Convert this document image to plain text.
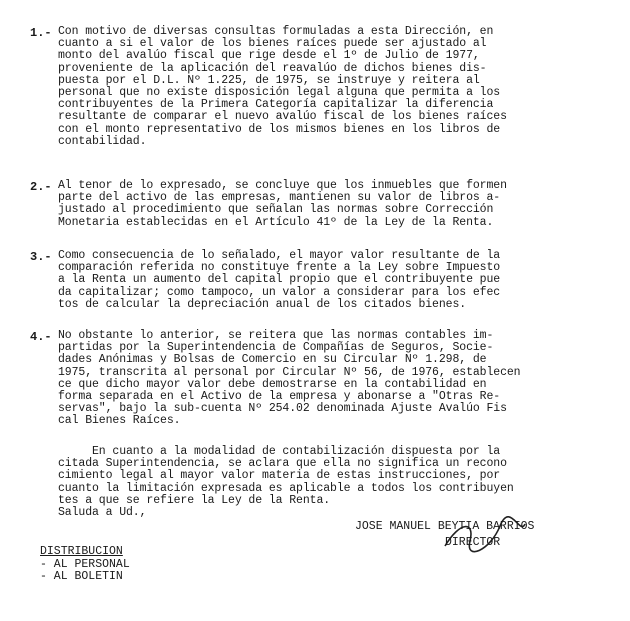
1.- Con motivo de diversas consultas formuladas a esta Dirección, en
cuanto a si el valor de los bienes raíces puede ser ajustado al
monto del avalúo fiscal que rige desde el 1º de Julio de 1977,
proveniente de la aplicación del reavalúo de dichos bienes dis-
puesta por el D.L. Nº 1.225, de 1975, se instruye y reitera al
personal que no existe disposición legal alguna que permita a los
contribuyentes de la Primera Categoría capitalizar la diferencia
resultante de comparar el nuevo avalúo fiscal de los bienes raíces
con el monto representativo de los mismos bienes en los libros de
contabilidad.
2.- Al tenor de lo expresado, se concluye que los inmuebles que formen
parte del activo de las empresas, mantienen su valor de libros a-
justado al procedimiento que señalan las normas sobre Corrección
Monetaria establecidas en el Artículo 41º de la Ley de la Renta.
3.- Como consecuencia de lo señalado, el mayor valor resultante de la
comparación referida no constituye frente a la Ley sobre Impuesto
a la Renta un aumento del capital propio que el contribuyente pue
da capitalizar; como tampoco, un valor a considerar para los efec
tos de calcular la depreciación anual de los citados bienes.
4.- No obstante lo anterior, se reitera que las normas contables im-
partidas por la Superintendencia de Compañías de Seguros, Socie-
dades Anónimas y Bolsas de Comercio en su Circular Nº 1.298, de
1975, transcrita al personal por Circular Nº 56, de 1976, establecen
ce que dicho mayor valor debe demostrarse en la contabilidad en
forma separada en el Activo de la empresa y abonarse a "Otras Re-
servas", bajo la sub-cuenta Nº 254.02 denominada Ajuste Avalúo Fis
cal Bienes Raíces.
En cuanto a la modalidad de contabilización dispuesta por la
citada Superintendencia, se aclara que ella no significa un recono
cimiento legal al mayor valor materia de estas instrucciones, por
cuanto la limitación expresada es aplicable a todos los contribuyen
tes a que se refiere la Ley de la Renta.
Saluda a Ud.,
JOSE MANUEL BEYTIA BARRIOS
DIRECTOR
DISTRIBUCION
- AL PERSONAL
- AL BOLETIN
